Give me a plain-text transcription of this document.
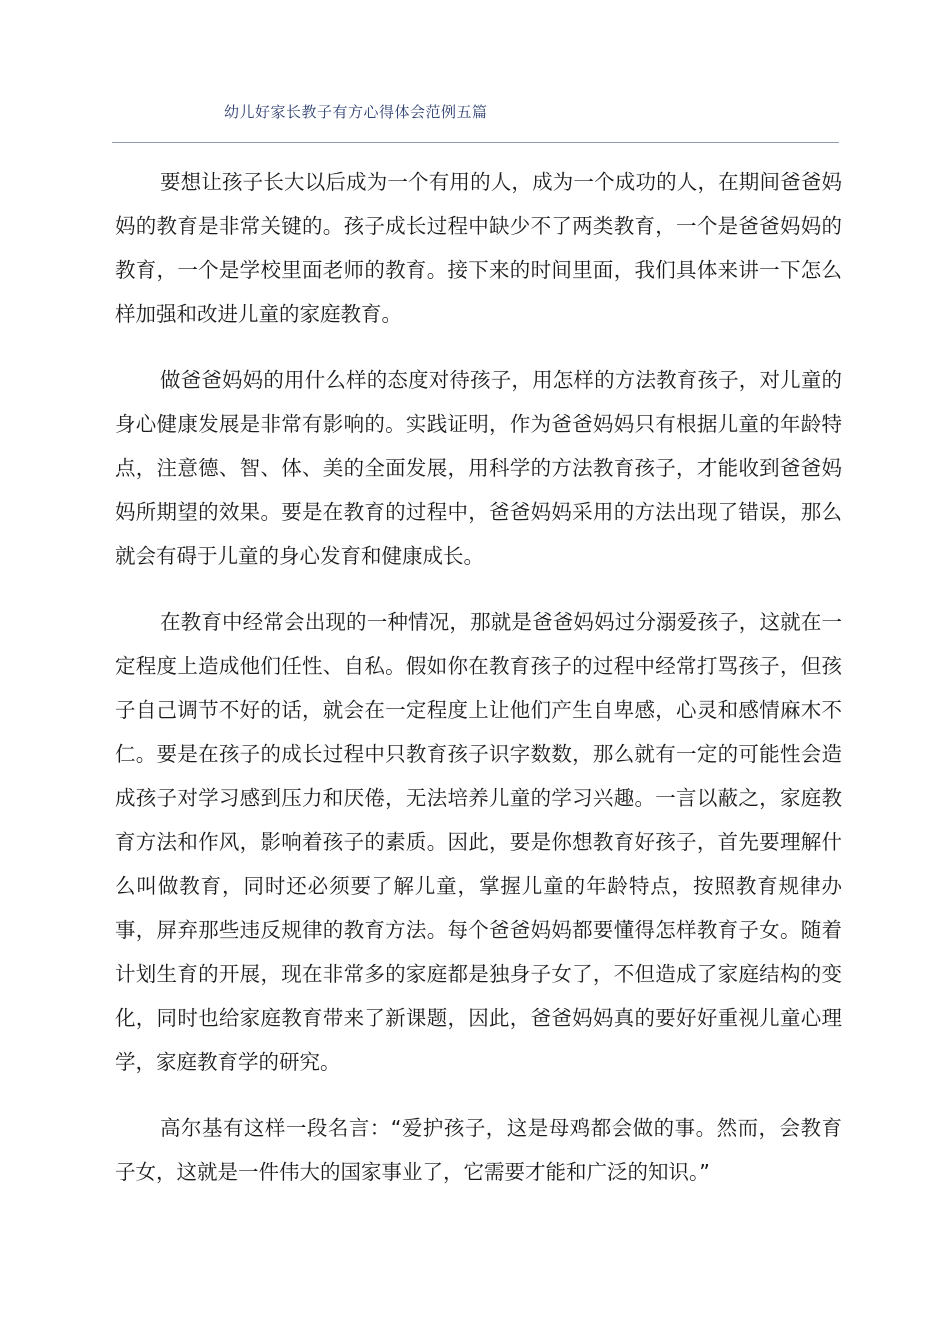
幼儿好家长教子有方心得体会范例五篇

要想让孩子长大以后成为一个有用的人，成为一个成功的人，在期间爸爸妈妈的教育是非常关键的。孩子成长过程中缺少不了两类教育，一个是爸爸妈妈的教育，一个是学校里面老师的教育。接下来的时间里面，我们具体来讲一下怎么样加强和改进儿童的家庭教育。

做爸爸妈妈的用什么样的态度对待孩子，用怎样的方法教育孩子，对儿童的身心健康发展是非常有影响的。实践证明，作为爸爸妈妈只有根据儿童的年龄特点，注意德、智、体、美的全面发展，用科学的方法教育孩子，才能收到爸爸妈妈所期望的效果。要是在教育的过程中，爸爸妈妈采用的方法出现了错误，那么就会有碍于儿童的身心发育和健康成长。

在教育中经常会出现的一种情况，那就是爸爸妈妈过分溺爱孩子，这就在一定程度上造成他们任性、自私。假如你在教育孩子的过程中经常打骂孩子，但孩子自己调节不好的话，就会在一定程度上让他们产生自卑感，心灵和感情麻木不仁。要是在孩子的成长过程中只教育孩子识字数数，那么就有一定的可能性会造成孩子对学习感到压力和厌倦，无法培养儿童的学习兴趣。一言以蔽之，家庭教育方法和作风，影响着孩子的素质。因此，要是你想教育好孩子，首先要理解什么叫做教育，同时还必须要了解儿童，掌握儿童的年龄特点，按照教育规律办事，屏弃那些违反规律的教育方法。每个爸爸妈妈都要懂得怎样教育子女。随着计划生育的开展，现在非常多的家庭都是独身子女了，不但造成了家庭结构的变化，同时也给家庭教育带来了新课题，因此，爸爸妈妈真的要好好重视儿童心理学，家庭教育学的研究。

高尔基有这样一段名言：“爱护孩子，这是母鸡都会做的事。然而，会教育子女，这就是一件伟大的国家事业了，它需要才能和广泛的知识。”
